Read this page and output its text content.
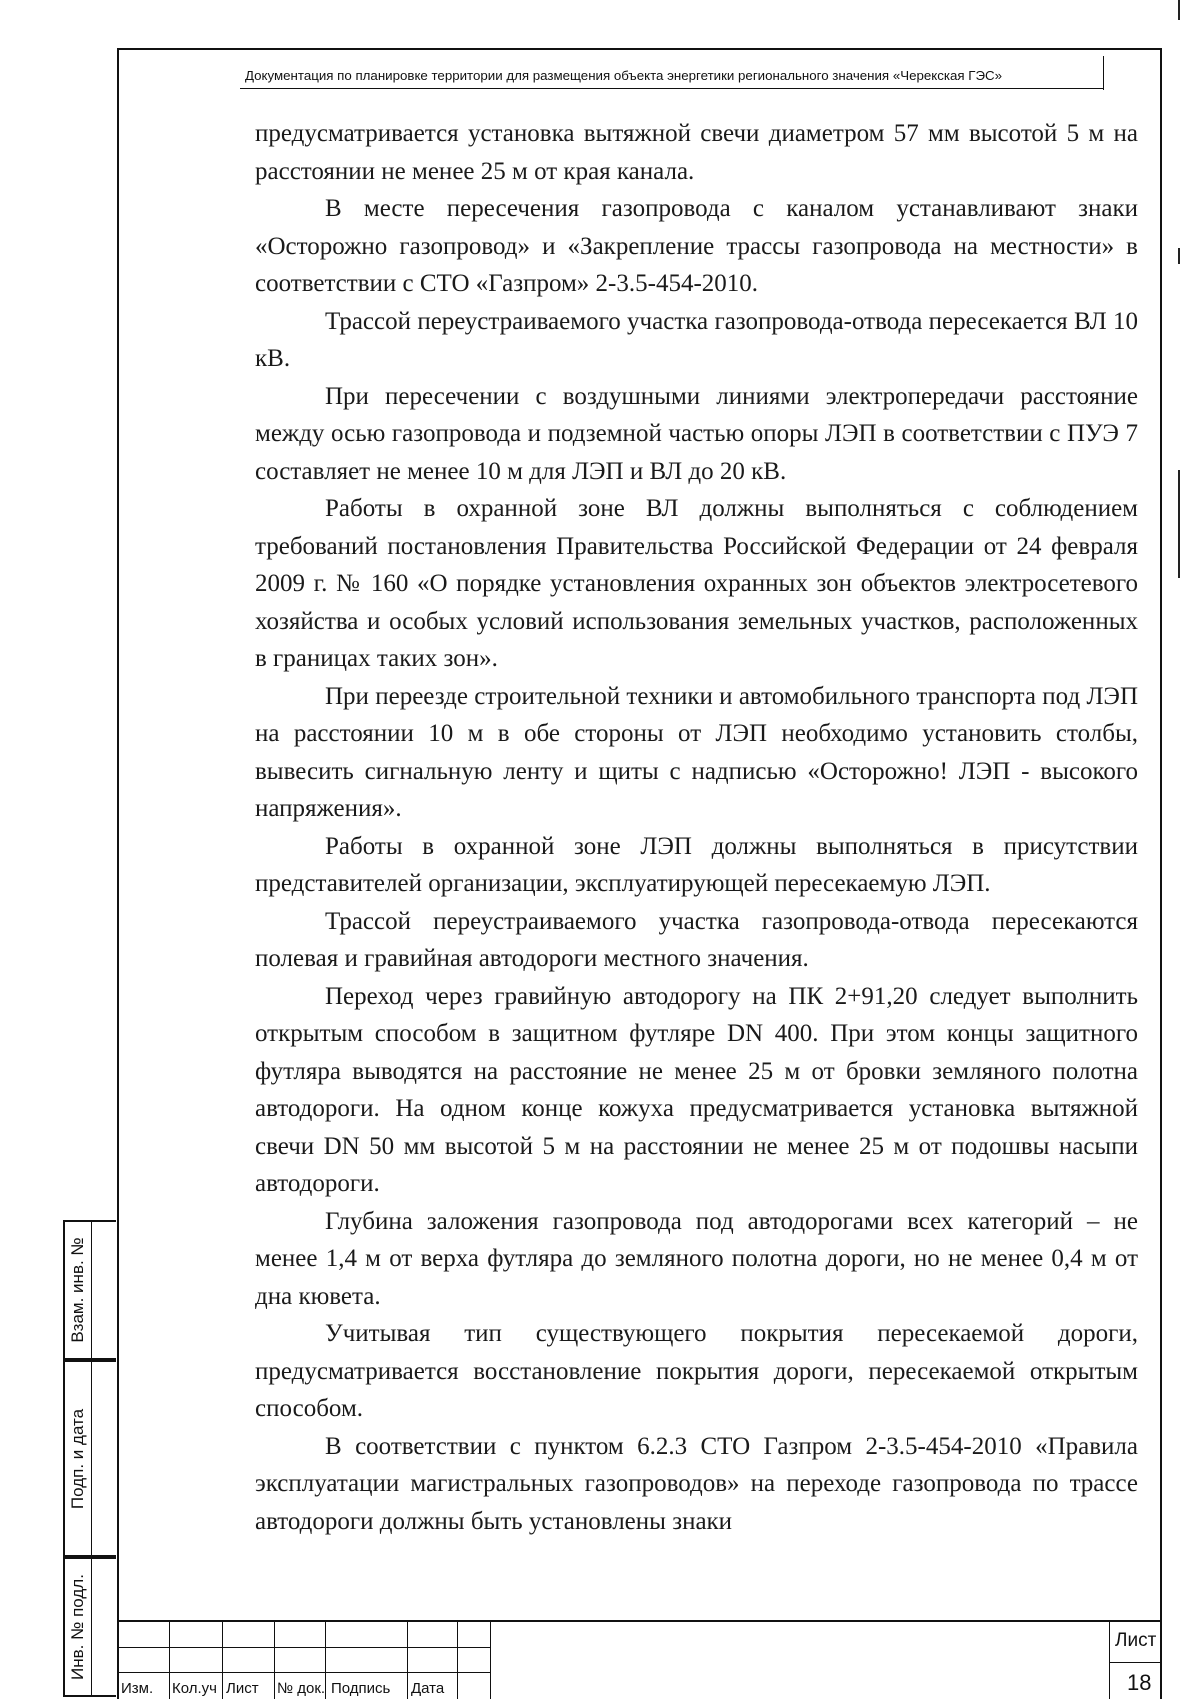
Документация по планировке территории для размещения объекта энергетики регионального значения «Черекская ГЭС»

предусматривается установка вытяжной свечи диаметром 57 мм высотой 5 м на расстоянии не менее 25 м от края канала.

В месте пересечения газопровода с каналом устанавливают знаки «Осторожно газопровод» и «Закрепление трассы газопровода на местности» в соответствии с СТО «Газпром» 2-3.5-454-2010.

Трассой переустраиваемого участка газопровода-отвода пересекается ВЛ 10 кВ.

При пересечении с воздушными линиями электропередачи расстояние между осью газопровода и подземной частью опоры ЛЭП в соответствии с ПУЭ 7 составляет не менее 10 м для ЛЭП и ВЛ до 20 кВ.

Работы в охранной зоне ВЛ должны выполняться с соблюдением требований постановления Правительства Российской Федерации от 24 февраля 2009 г. № 160 «О порядке установления охранных зон объектов электросетевого хозяйства и особых условий использования земельных участков, расположенных в границах таких зон».

При переезде строительной техники и автомобильного транспорта под ЛЭП на расстоянии 10 м в обе стороны от ЛЭП необходимо установить столбы, вывесить сигнальную ленту и щиты с надписью «Осторожно! ЛЭП - высокого напряжения».

Работы в охранной зоне ЛЭП должны выполняться в присутствии представителей организации, эксплуатирующей пересекаемую ЛЭП.

Трассой переустраиваемого участка газопровода-отвода пересекаются полевая и гравийная автодороги местного значения.

Переход через гравийную автодорогу на ПК 2+91,20 следует выполнить открытым способом в защитном футляре DN 400. При этом концы защитного футляра выводятся на расстояние не менее 25 м от бровки земляного полотна автодороги. На одном конце кожуха предусматривается установка вытяжной свечи DN 50 мм высотой 5 м на расстоянии не менее 25 м от подошвы насыпи автодороги.

Глубина заложения газопровода под автодорогами всех категорий – не менее 1,4 м от верха футляра до земляного полотна дороги, но не менее 0,4 м от дна кювета.

Учитывая тип существующего покрытия пересекаемой дороги, предусматривается восстановление покрытия дороги, пересекаемой открытым способом.

В соответствии с пунктом 6.2.3 СТО Газпром 2-3.5-454-2010 «Правила эксплуатации магистральных газопроводов» на переходе газопровода по трассе автодороги должны быть установлены знаки

Взам. инв. №
Подп. и дата
Инв. № подл.
Изм.	Кол.уч Лист	№ док. Подпись	Дата
Лист
18
